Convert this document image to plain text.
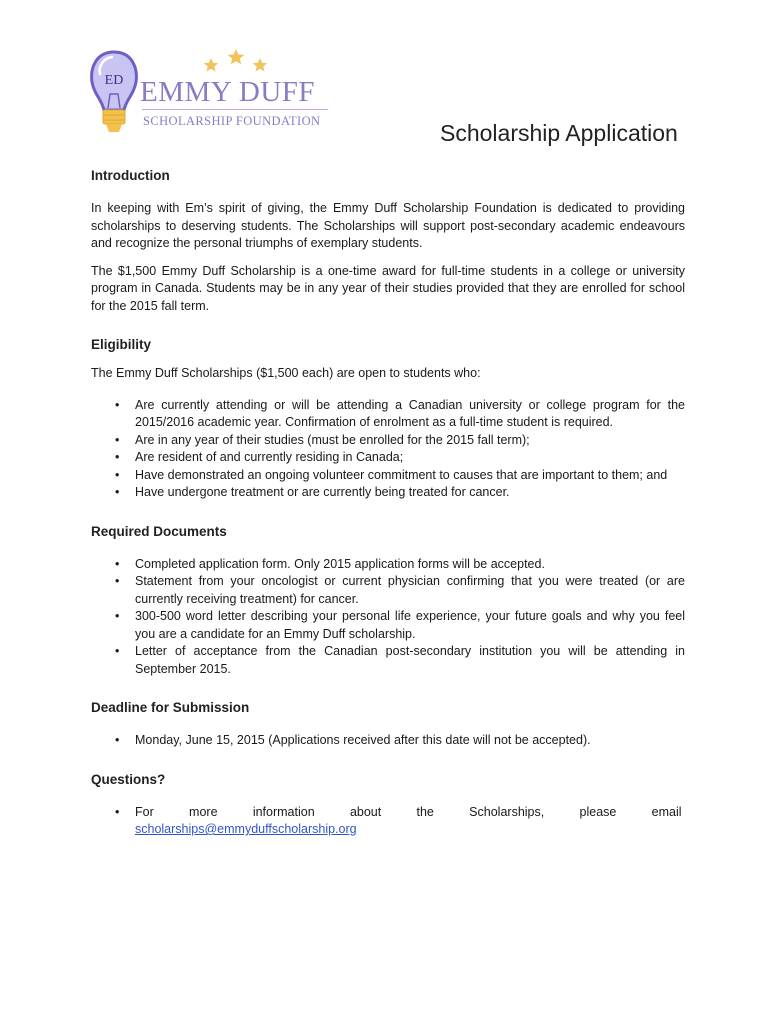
ED EMMY DUFF
SCHOLARSHIP FOUNDATION	Scholarship Application
Introduction

In keeping with Em’s spirit of giving, the Emmy Duff Scholarship Foundation is dedicated to providing scholarships to deserving students. The Scholarships will support post-secondary academic endeavours and recognize the personal triumphs of exemplary students.

The $1,500 Emmy Duff Scholarship is a one-time award for full-time students in a college or university program in Canada. Students may be in any year of their studies provided that they are enrolled for school for the 2015 fall term.

Eligibility

The Emmy Duff Scholarships ($1,500 each) are open to students who:

• Are currently attending or will be attending a Canadian university or college program for the 2015/2016 academic year. Confirmation of enrolment as a full-time student is required.
• Are in any year of their studies (must be enrolled for the 2015 fall term);
• Are resident of and currently residing in Canada;
• Have demonstrated an ongoing volunteer commitment to causes that are important to them; and
• Have undergone treatment or are currently being treated for cancer.
Required Documents
• Completed application form. Only 2015 application forms will be accepted.
• Statement from your oncologist or current physician confirming that you were treated (or are currently receiving treatment) for cancer.
• 300-500 word letter describing your personal life experience, your future goals and why you feel you are a candidate for an Emmy Duff scholarship.
• Letter of acceptance from the Canadian post-secondary institution you will be attending in September 2015.
Deadline for Submission
• Monday, June 15, 2015 (Applications received after this date will not be accepted).
Questions?
• For more information about the Scholarships, please email  scholarships@emmyduffscholarship.org
